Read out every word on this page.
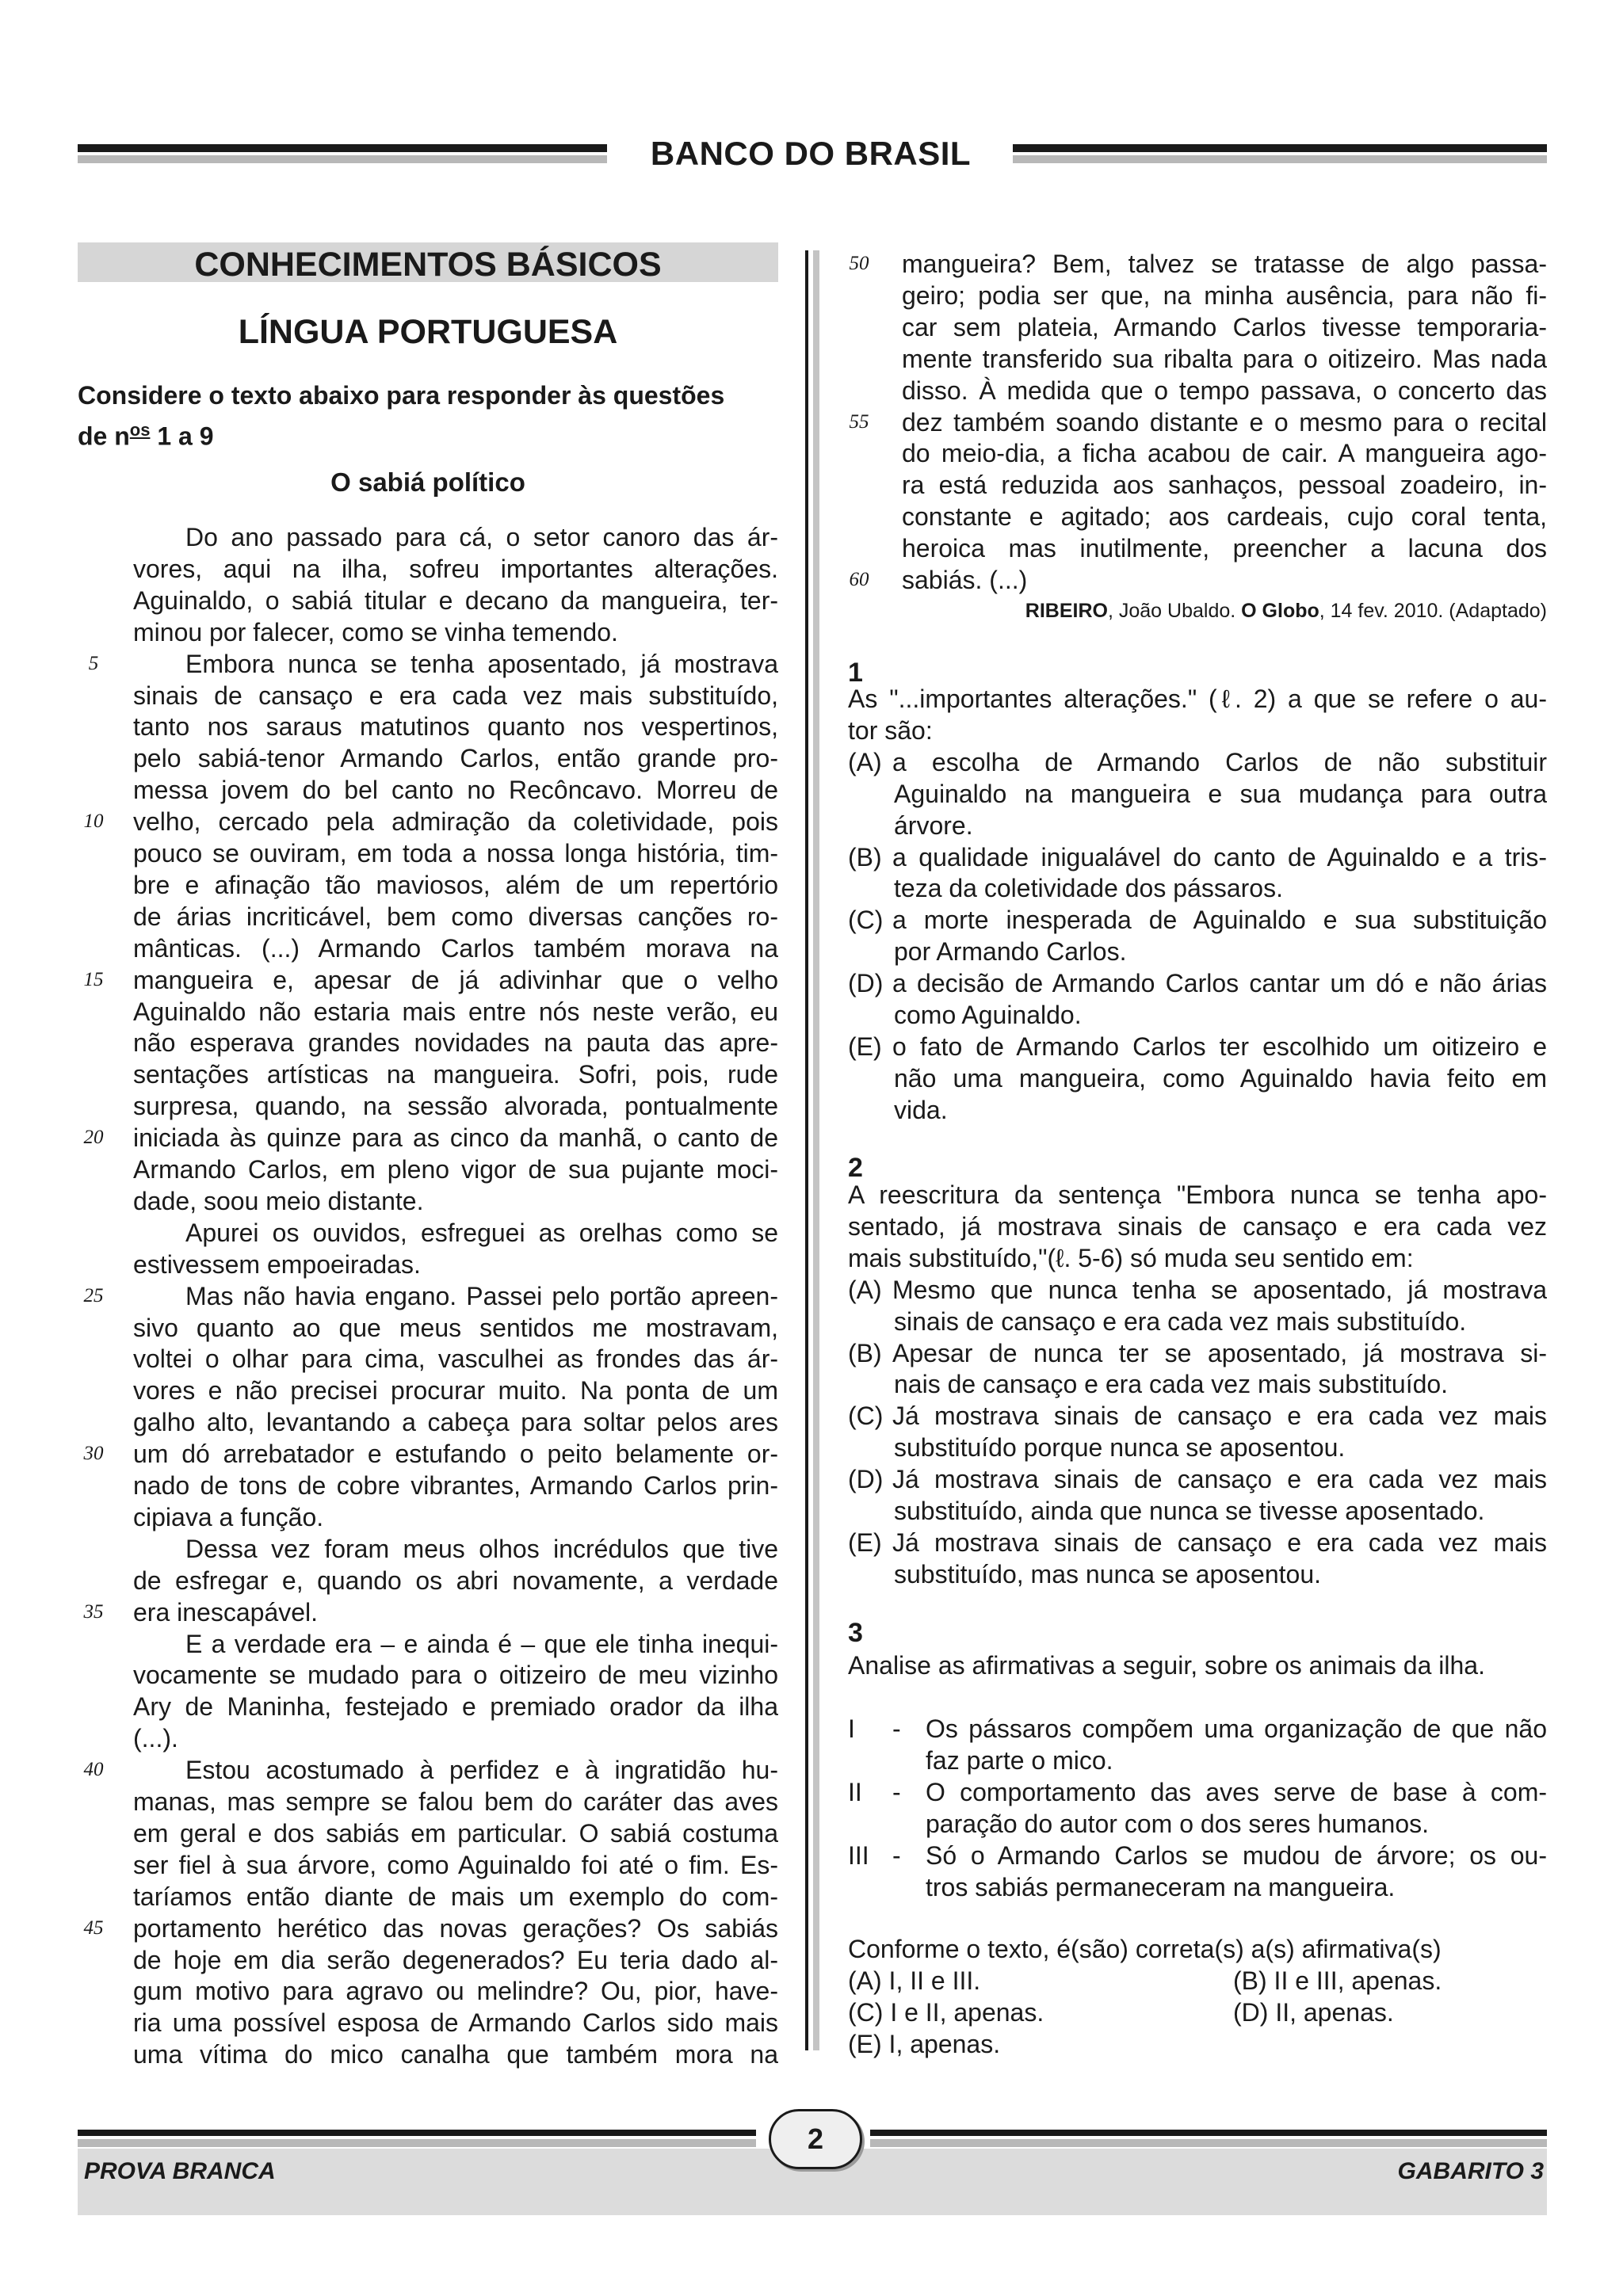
BANCO DO BRASIL
CONHECIMENTOS BÁSICOS
LÍNGUA PORTUGUESA
Considere o texto abaixo para responder às questões
de $n^{os}$ 1 a 9
O sabiá político
Do ano passado para cá, o setor canoro das ár-
vores, aqui na ilha, sofreu importantes alterações.
Aguinaldo, o sabiá titular e decano da mangueira, ter-
minou por falecer, como se vinha temendo.
Embora nunca se tenha aposentado, já mostrava
sinais de cansaço e era cada vez mais substituído,
tanto nos saraus matutinos quanto nos vespertinos,
pelo sabiá-tenor Armando Carlos, então grande pro-
messa jovem do bel canto no Recôncavo. Morreu de
velho, cercado pela admiração da coletividade, pois
pouco se ouviram, em toda a nossa longa história, tim-
bre e afinação tão maviosos, além de um repertório
de árias incriticável, bem como diversas canções ro-
mânticas. (...) Armando Carlos também morava na
mangueira e, apesar de já adivinhar que o velho
Aguinaldo não estaria mais entre nós neste verão, eu
não esperava grandes novidades na pauta das apre-
sentações artísticas na mangueira. Sofri, pois, rude
surpresa, quando, na sessão alvorada, pontualmente
iniciada às quinze para as cinco da manhã, o canto de
Armando Carlos, em pleno vigor de sua pujante moci-
dade, soou meio distante.
Apurei os ouvidos, esfreguei as orelhas como se
estivessem empoeiradas.
Mas não havia engano. Passei pelo portão apreen-
sivo quanto ao que meus sentidos me mostravam,
voltei o olhar para cima, vasculhei as frondes das ár-
vores e não precisei procurar muito. Na ponta de um
galho alto, levantando a cabeça para soltar pelos ares
um dó arrebatador e estufando o peito belamente or-
nado de tons de cobre vibrantes, Armando Carlos prin-
cipiava a função.
Dessa vez foram meus olhos incrédulos que tive
de esfregar e, quando os abri novamente, a verdade
era inescapável.
E a verdade era – e ainda é – que ele tinha inequi-
vocamente se mudado para o oitizeiro de meu vizinho
Ary de Maninha, festejado e premiado orador da ilha
(...).
Estou acostumado à perfidez e à ingratidão hu-
manas, mas sempre se falou bem do caráter das aves
em geral e dos sabiás em particular. O sabiá costuma
ser fiel à sua árvore, como Aguinaldo foi até o fim. Es-
taríamos então diante de mais um exemplo do com-
portamento herético das novas gerações? Os sabiás
de hoje em dia serão degenerados? Eu teria dado al-
gum motivo para agravo ou melindre? Ou, pior, have-
ria uma possível esposa de Armando Carlos sido mais
uma vítima do mico canalha que também mora na
mangueira? Bem, talvez se tratasse de algo passa-
geiro; podia ser que, na minha ausência, para não fi-
car sem plateia, Armando Carlos tivesse temporaria-
mente transferido sua ribalta para o oitizeiro. Mas nada
disso. À medida que o tempo passava, o concerto das
dez também soando distante e o mesmo para o recital
do meio-dia, a ficha acabou de cair. A mangueira ago-
ra está reduzida aos sanhaços, pessoal zoadeiro, in-
constante e agitado; aos cardeais, cujo coral tenta,
heroica mas inutilmente, preencher a lacuna dos
sabiás. (...)
5
10
15
20
25
30
35
40
45
50
55
60
RIBEIRO, João Ubaldo. O Globo, 14 fev. 2010. (Adaptado)
1
As "...importantes alterações." (ℓ. 2) a que se refere o au-
tor são:
(A) a escolha de Armando Carlos de não substituir
Aguinaldo na mangueira e sua mudança para outra
árvore.
(B) a qualidade inigualável do canto de Aguinaldo e a tris-
teza da coletividade dos pássaros.
(C) a morte inesperada de Aguinaldo e sua substituição
por Armando Carlos.
(D) a decisão de Armando Carlos cantar um dó e não árias
como Aguinaldo.
(E) o fato de Armando Carlos ter escolhido um oitizeiro e
não uma mangueira, como Aguinaldo havia feito em
vida.
2
A reescritura da sentença "Embora nunca se tenha apo-
sentado, já mostrava sinais de cansaço e era cada vez
mais substituído,"(ℓ. 5-6) só muda seu sentido em:
(A) Mesmo que nunca tenha se aposentado, já mostrava
sinais de cansaço e era cada vez mais substituído.
(B) Apesar de nunca ter se aposentado, já mostrava si-
nais de cansaço e era cada vez mais substituído.
(C) Já mostrava sinais de cansaço e era cada vez mais
substituído porque nunca se aposentou.
(D) Já mostrava sinais de cansaço e era cada vez mais
substituído, ainda que nunca se tivesse aposentado.
(E) Já mostrava sinais de cansaço e era cada vez mais
substituído, mas nunca se aposentou.
3
Analise as afirmativas a seguir, sobre os animais da ilha.
I - Os pássaros compõem uma organização de que não
faz parte o mico.
II - O comportamento das aves serve de base à com-
paração do autor com o dos seres humanos.
III - Só o Armando Carlos se mudou de árvore; os ou-
tros sabiás permaneceram na mangueira.
Conforme o texto, é(são) correta(s) a(s) afirmativa(s)
(A) I, II e III.	(B) II e III, apenas.
(C) I e II, apenas.	(D) II, apenas.
(E) I, apenas.
PROVA BRANCA	GABARITO 3
2
